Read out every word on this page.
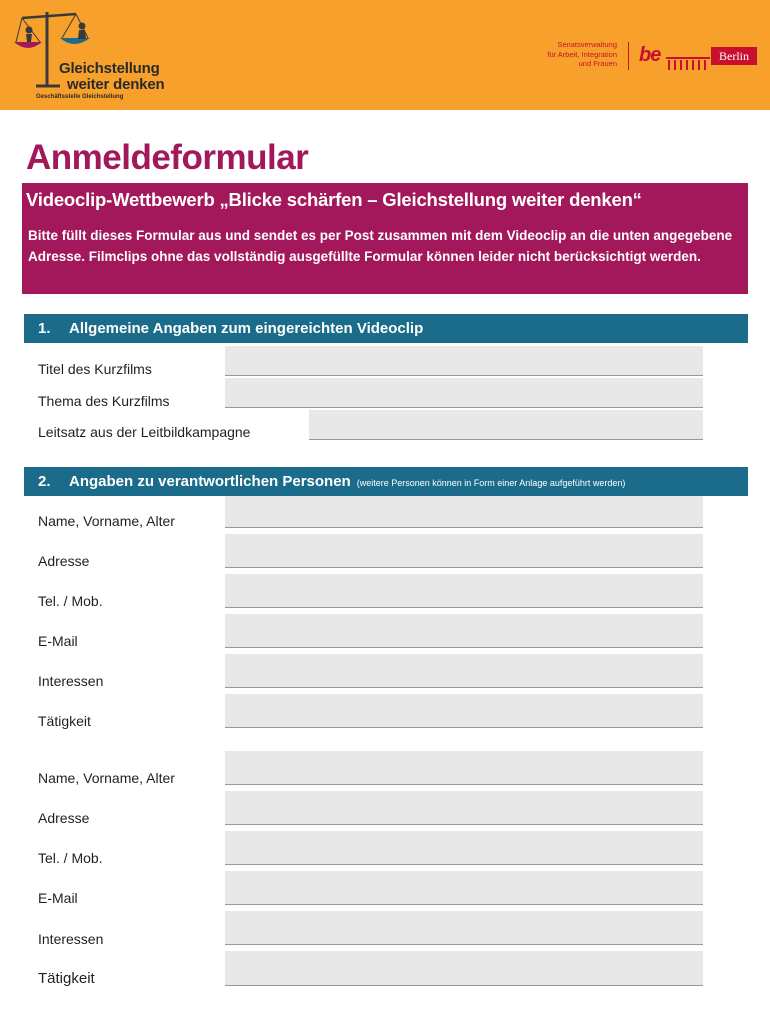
Gleichstellung
weiter denken
Geschäftsstelle Gleichstellung
Senatsverwaltung
für Arbeit, Integration
und Frauen be	Berlin
Anmeldeformular
Videoclip-Wettbewerb „Blicke schärfen – Gleichstellung weiter denken“
Bitte füllt dieses Formular aus und sendet es per Post zusammen mit dem Videoclip an die unten angegebene Adresse. Filmclips ohne das vollständig ausgefüllte Formular können leider nicht berücksichtigt werden.
1. Allgemeine Angaben zum eingereichten Videoclip
Titel des Kurzfilms
Thema des Kurzfilms
Leitsatz aus der Leitbildkampagne
2. Angaben zu verantwortlichen Personen (weitere Personen können in Form einer Anlage aufgeführt werden)
Name, Vorname, Alter
Adresse
Tel. / Mob.
E-Mail
Interessen
Tätigkeit
Name, Vorname, Alter
Adresse
Tel. / Mob.
E-Mail
Interessen
Tätigkeit
